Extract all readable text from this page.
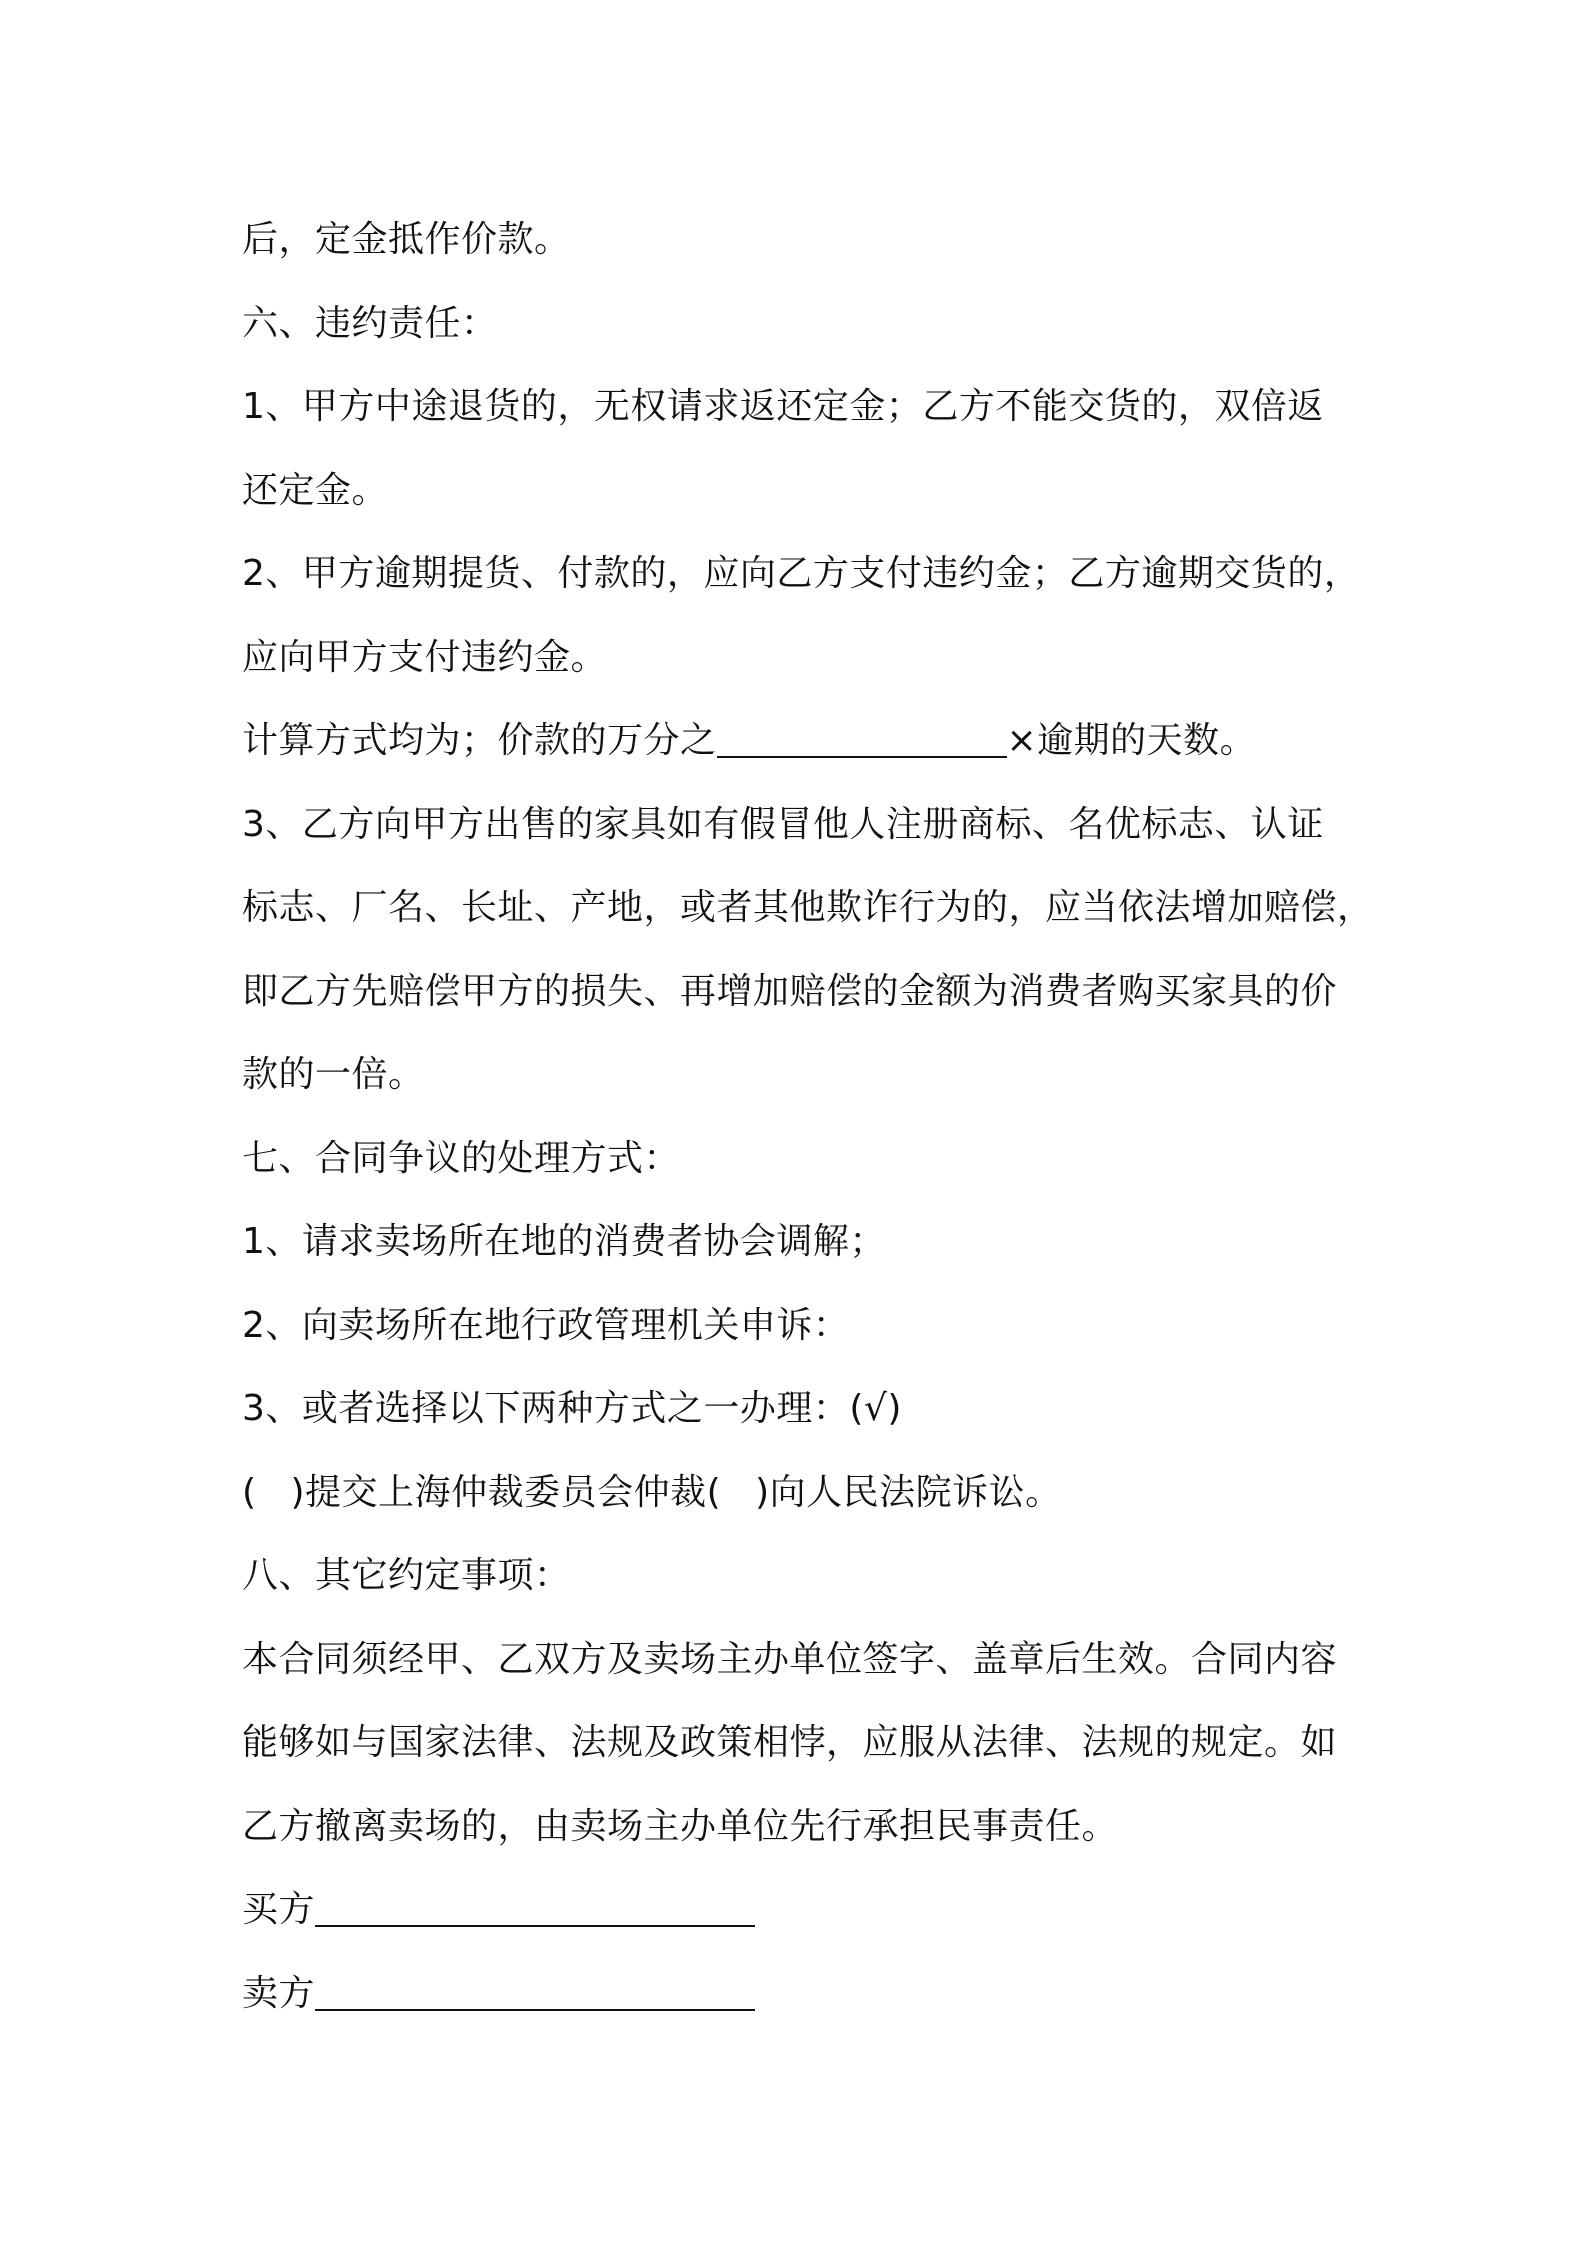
后，定金抵作价款。
六、违约责任：
1、甲方中途退货的，无权请求返还定金；乙方不能交货的，双倍返
还定金。
2、甲方逾期提货、付款的，应向乙方支付违约金；乙方逾期交货的，
应向甲方支付违约金。
计算方式均为；价款的万分之	×逾期的天数。
3、乙方向甲方出售的家具如有假冒他人注册商标、名优标志、认证
标志、厂名、长址、产地，或者其他欺诈行为的，应当依法增加赔偿，
即乙方先赔偿甲方的损失、再增加赔偿的金额为消费者购买家具的价
款的一倍。
七、合同争议的处理方式：
1、请求卖场所在地的消费者协会调解；
2、向卖场所在地行政管理机关申诉：
3、或者选择以下两种方式之一办理：(√)
( )提交上海仲裁委员会仲裁( )向人民法院诉讼。
八、其它约定事项：
本合同须经甲、乙双方及卖场主办单位签字、盖章后生效。合同内容
能够如与国家法律、法规及政策相悖，应服从法律、法规的规定。如
乙方撤离卖场的，由卖场主办单位先行承担民事责任。
买方
卖方
